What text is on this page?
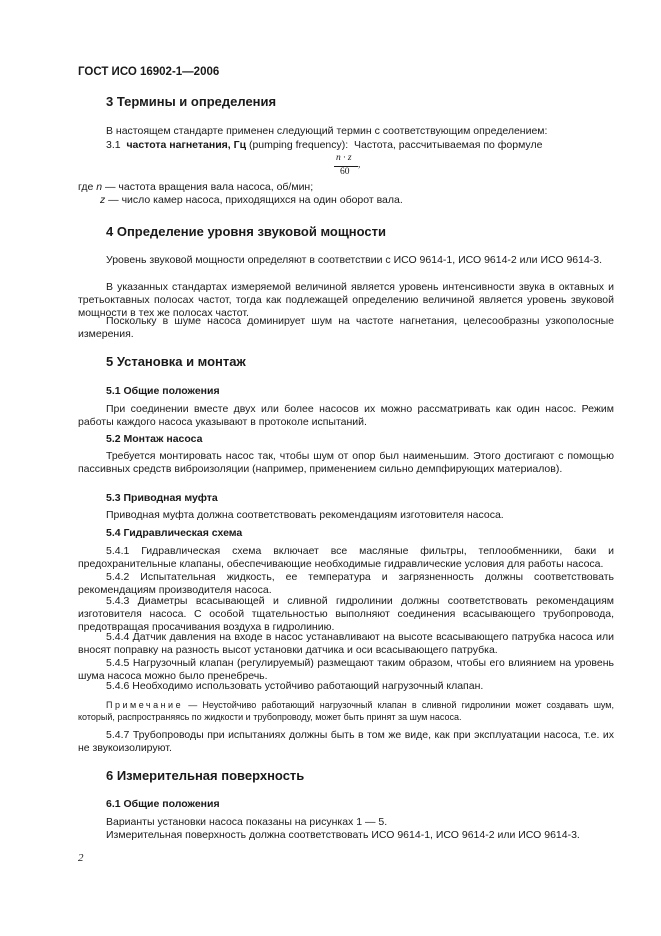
ГОСТ ИСО 16902-1—2006
3 Термины и определения
В настоящем стандарте применен следующий термин с соответствующим определением:
3.1 частота нагнетания, Гц (pumping frequency): Частота, рассчитываемая по формуле
n · z
60
,
где n — частота вращения вала насоса, об/мин;
z — число камер насоса, приходящихся на один оборот вала.
4 Определение уровня звуковой мощности
Уровень звуковой мощности определяют в соответствии с ИСО 9614-1, ИСО 9614-2 или ИСО 9614-3.
В указанных стандартах измеряемой величиной является уровень интенсивности звука в октавных и третьоктавных полосах частот, тогда как подлежащей определению величиной является уровень звуковой мощности в тех же полосах частот.
Поскольку в шуме насоса доминирует шум на частоте нагнетания, целесообразны узкополосные измерения.
5 Установка и монтаж
5.1 Общие положения
При соединении вместе двух или более насосов их можно рассматривать как один насос. Режим работы каждого насоса указывают в протоколе испытаний.
5.2 Монтаж насоса
Требуется монтировать насос так, чтобы шум от опор был наименьшим. Этого достигают с помощью пассивных средств виброизоляции (например, применением сильно демпфирующих материалов).
5.3 Приводная муфта
Приводная муфта должна соответствовать рекомендациям изготовителя насоса.
5.4 Гидравлическая схема
5.4.1 Гидравлическая схема включает все масляные фильтры, теплообменники, баки и предохранительные клапаны, обеспечивающие необходимые гидравлические условия для работы насоса.
5.4.2 Испытательная жидкость, ее температура и загрязненность должны соответствовать рекомендациям производителя насоса.
5.4.3 Диаметры всасывающей и сливной гидролинии должны соответствовать рекомендациям изготовителя насоса. С особой тщательностью выполняют соединения всасывающего трубопровода, предотвращая просачивания воздуха в гидролинию.
5.4.4 Датчик давления на входе в насос устанавливают на высоте всасывающего патрубка насоса или вносят поправку на разность высот установки датчика и оси всасывающего патрубка.
5.4.5 Нагрузочный клапан (регулируемый) размещают таким образом, чтобы его влиянием на уровень шума насоса можно было пренебречь.
5.4.6 Необходимо использовать устойчиво работающий нагрузочный клапан.
Примечание — Неустойчиво работающий нагрузочный клапан в сливной гидролинии может создавать шум, который, распространяясь по жидкости и трубопроводу, может быть принят за шум насоса.
5.4.7 Трубопроводы при испытаниях должны быть в том же виде, как при эксплуатации насоса, т.е. их не звукоизолируют.
6 Измерительная поверхность
6.1 Общие положения
Варианты установки насоса показаны на рисунках 1 — 5.
Измерительная поверхность должна соответствовать ИСО 9614-1, ИСО 9614-2 или ИСО 9614-3.
2
